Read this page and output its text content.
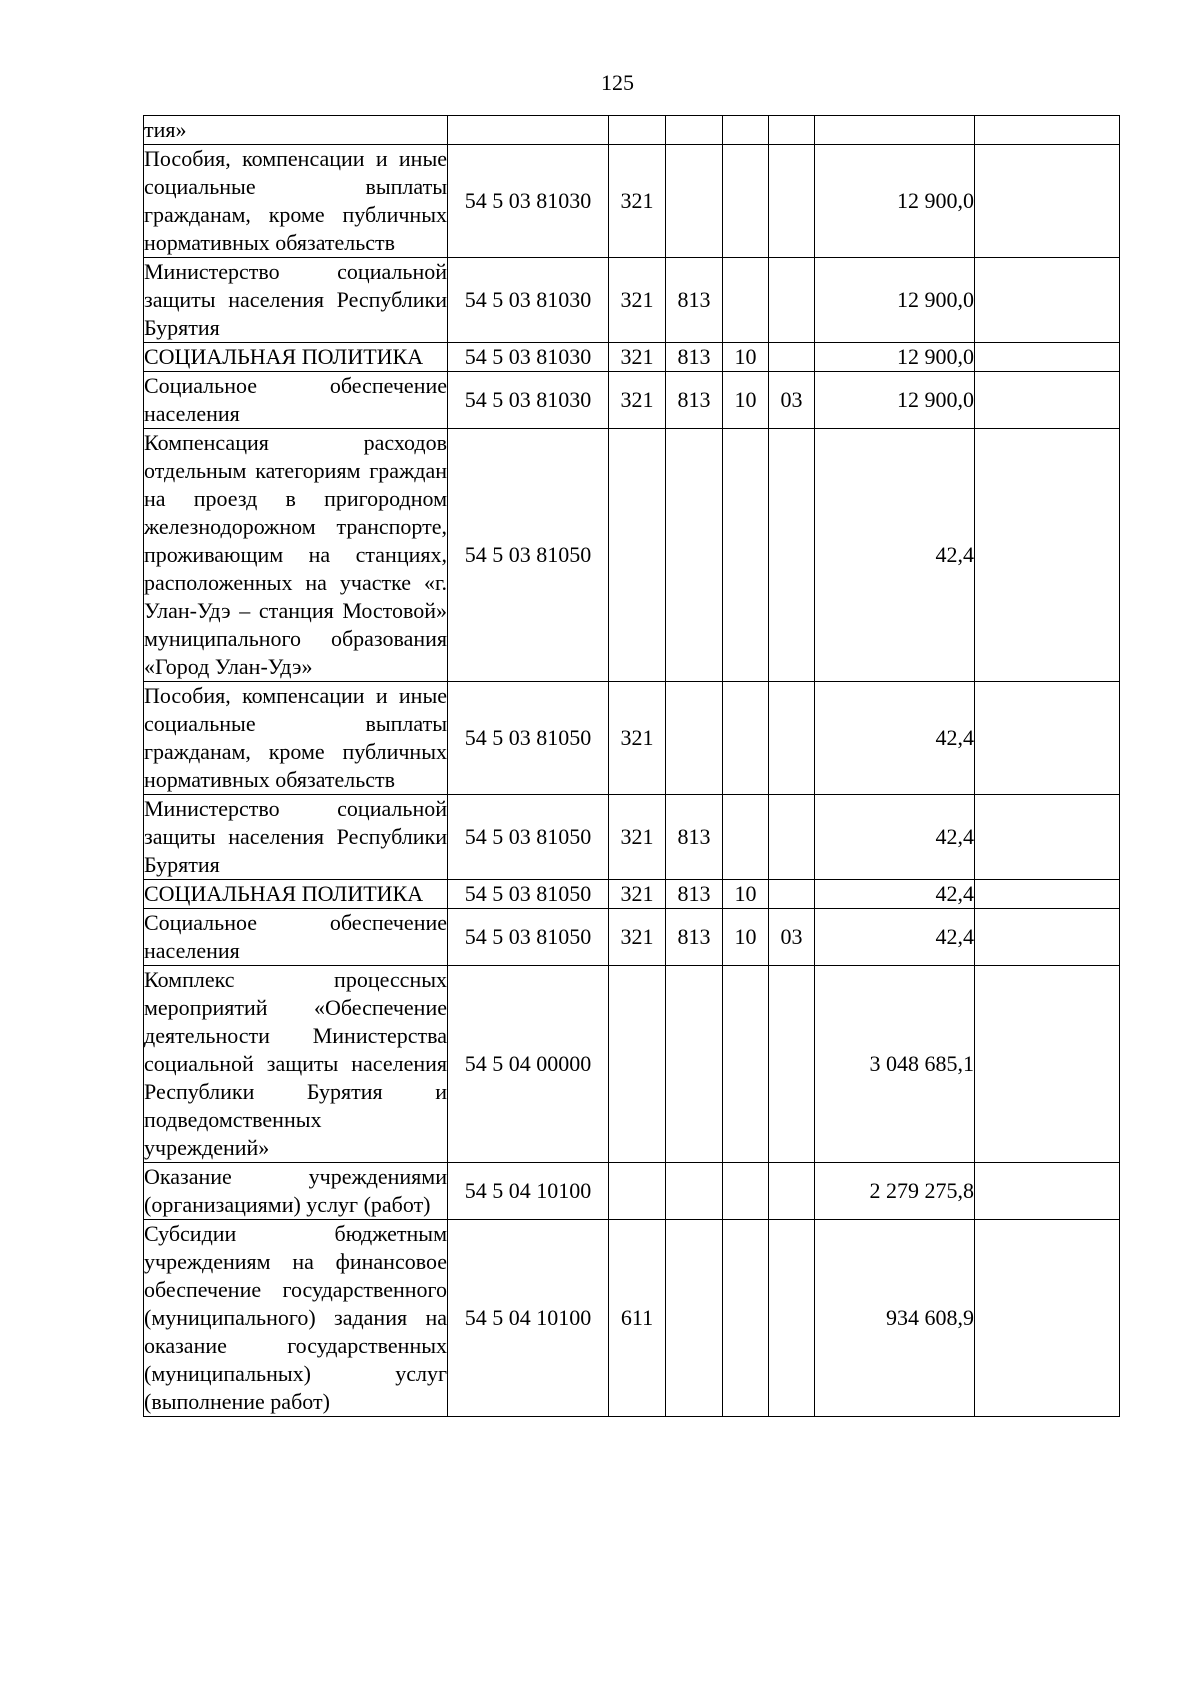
125
тия»							
Пособия, компенсации и иные социальные выплаты гражданам, кроме публичных нормативных обязательств	54 5 03 81030	321				12 900,0	
Министерство социальной защиты населения Республики Бурятия	54 5 03 81030	321	813			12 900,0	
СОЦИАЛЬНАЯ ПОЛИТИКА	54 5 03 81030	321	813	10		12 900,0	
Социальное обеспечение населения	54 5 03 81030	321	813	10	03	12 900,0	
Компенсация расходов отдельным категориям граждан на проезд в пригородном железнодорожном транспорте, проживающим на станциях, расположенных на участке «г. Улан-Удэ – станция Мостовой» муниципального образования «Город Улан-Удэ»	54 5 03 81050					42,4	
Пособия, компенсации и иные социальные выплаты гражданам, кроме публичных нормативных обязательств	54 5 03 81050	321				42,4	
Министерство социальной защиты населения Республики Бурятия	54 5 03 81050	321	813			42,4	
СОЦИАЛЬНАЯ ПОЛИТИКА	54 5 03 81050	321	813	10		42,4	
Социальное обеспечение населения	54 5 03 81050	321	813	10	03	42,4	
Комплекс процессных мероприятий «Обеспечение деятельности Министерства социальной защиты населения Республики Бурятия и подведомственных учреждений»	54 5 04 00000					3 048 685,1	
Оказание учреждениями (организациями) услуг (работ)	54 5 04 10100					2 279 275,8	
Субсидии бюджетным учреждениям на финансовое обеспечение государственного (муниципального) задания на оказание государственных (муниципальных) услуг (выполнение работ)	54 5 04 10100	611				934 608,9	
